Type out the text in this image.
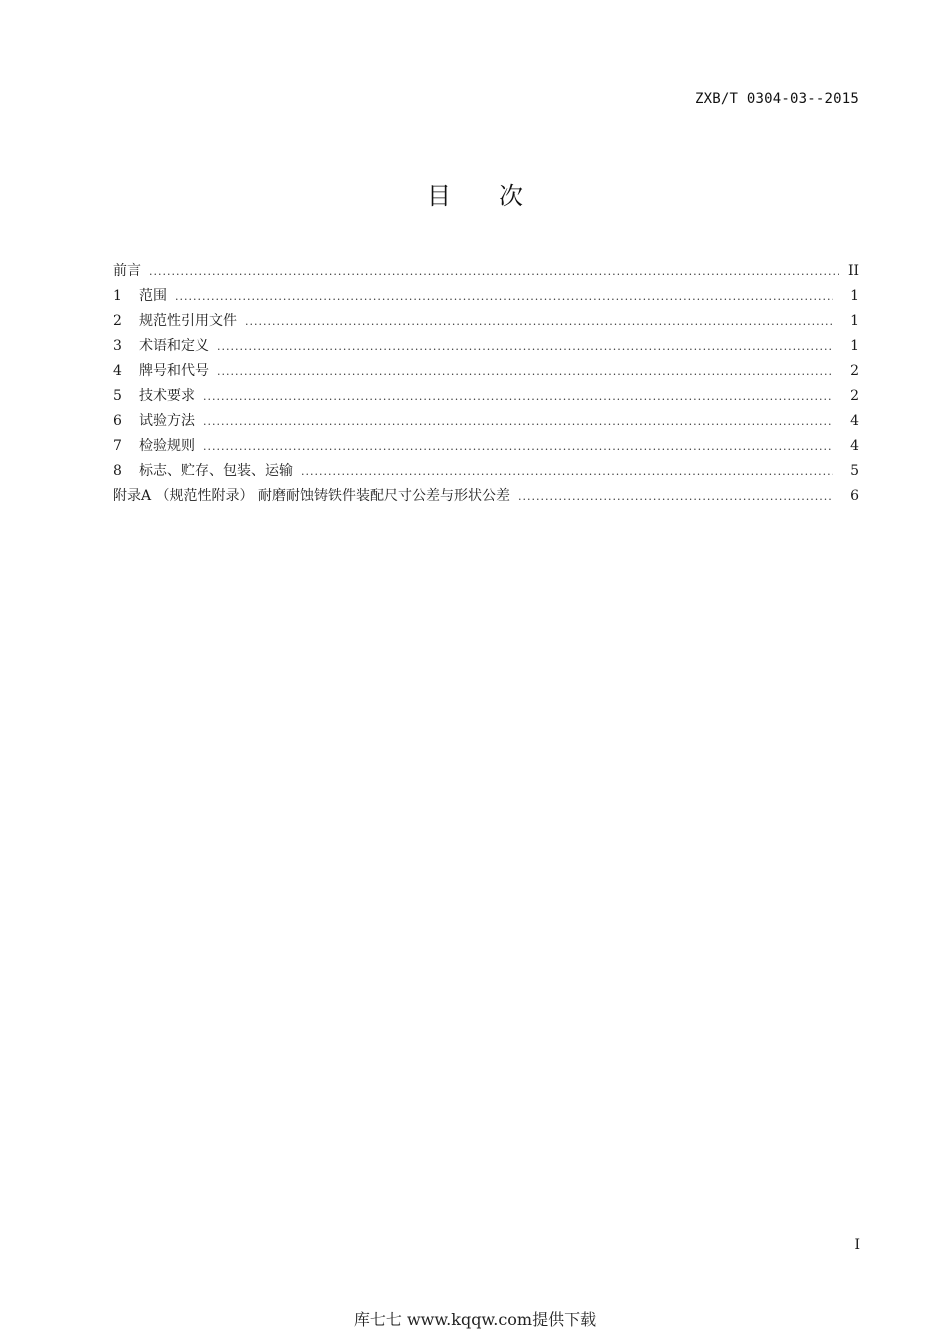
ZXB/T 0304-03--2015
目 次
前言 .....	II
1	范围 .....	1
2	规范性引用文件 .....	1
3	术语和定义 .....	1
4	牌号和代号 .....	2
5	技术要求 .....	2
6	试验方法 .....	4
7	检验规则 .....	4
8	标志、贮存、包装、运输 .....	5
附录A （规范性附录） 耐磨耐蚀铸铁件装配尺寸公差与形状公差 .....	6
I
库七七 www.kqqw.com提供下载
